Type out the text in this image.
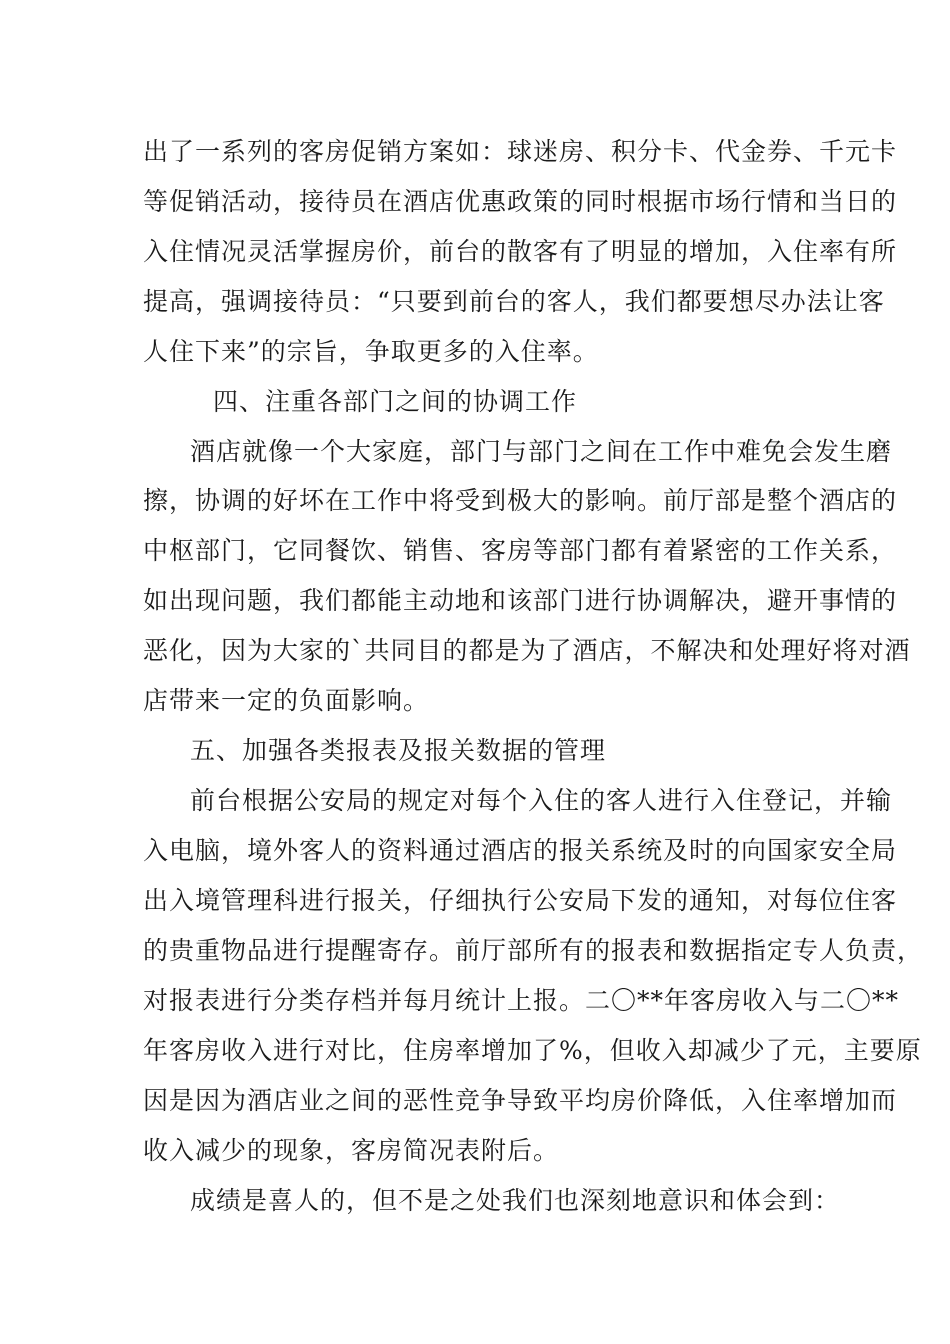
出了一系列的客房促销方案如：球迷房、积分卡、代金券、千元卡
等促销活动，接待员在酒店优惠政策的同时根据市场行情和当日的
入住情况灵活掌握房价，前台的散客有了明显的增加，入住率有所
提高，强调接待员：“只要到前台的客人，我们都要想尽办法让客
人住下来”的宗旨，争取更多的入住率。
四、注重各部门之间的协调工作
酒店就像一个大家庭，部门与部门之间在工作中难免会发生磨
擦，协调的好坏在工作中将受到极大的影响。前厅部是整个酒店的
中枢部门，它同餐饮、销售、客房等部门都有着紧密的工作关系，
如出现问题，我们都能主动地和该部门进行协调解决，避开事情的
恶化，因为大家的`共同目的都是为了酒店，不解决和处理好将对酒
店带来一定的负面影响。
五、加强各类报表及报关数据的管理
前台根据公安局的规定对每个入住的客人进行入住登记，并输
入电脑，境外客人的资料通过酒店的报关系统及时的向国家安全局
出入境管理科进行报关，仔细执行公安局下发的通知，对每位住客
的贵重物品进行提醒寄存。前厅部所有的报表和数据指定专人负责，
对报表进行分类存档并每月统计上报。二〇**年客房收入与二〇**
年客房收入进行对比，住房率增加了%，但收入却减少了元，主要原
因是因为酒店业之间的恶性竞争导致平均房价降低，入住率增加而
收入减少的现象，客房简况表附后。
成绩是喜人的，但不是之处我们也深刻地意识和体会到：
